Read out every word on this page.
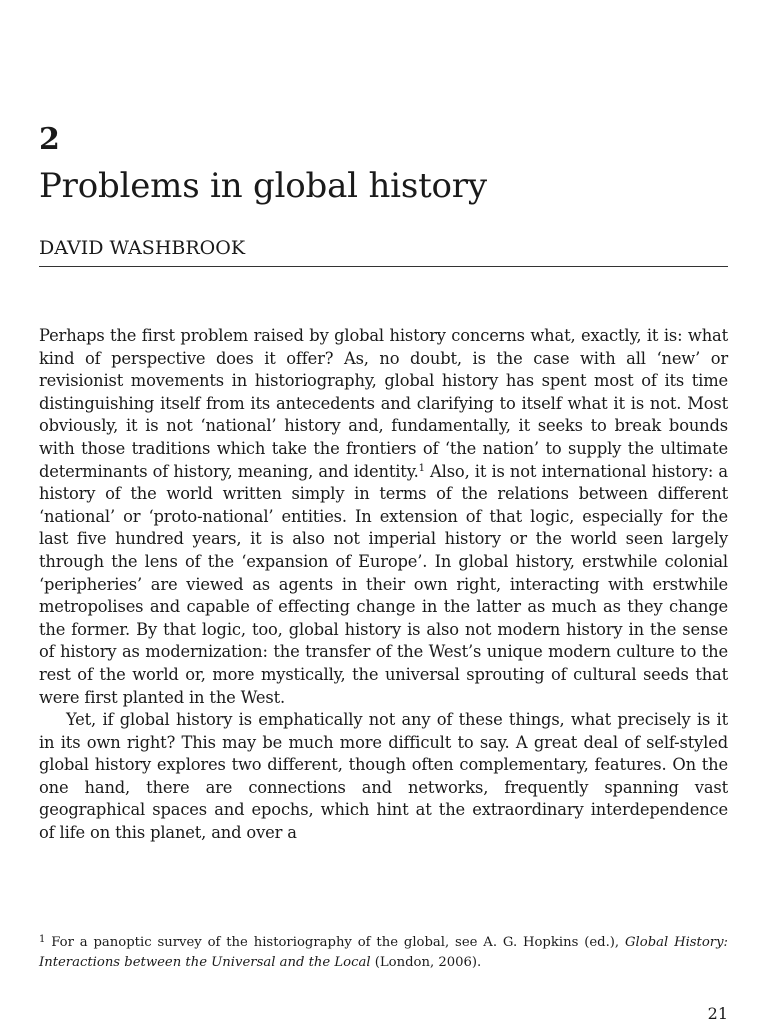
2
Problems in global history
DAVID WASHBROOK

Perhaps the first problem raised by global history concerns what, exactly, it is: what kind of perspective does it offer? As, no doubt, is the case with all ‘new’ or revisionist movements in historiography, global history has spent most of its time distinguishing itself from its antecedents and clarifying to itself what it is not. Most obviously, it is not ‘national’ history and, fundamentally, it seeks to break bounds with those traditions which take the frontiers of ‘the nation’ to supply the ultimate determinants of history, meaning, and identity.$^1$ Also, it is not international history: a history of the world written simply in terms of the relations between different ‘national’ or ‘proto-national’ entities. In extension of that logic, especially for the last five hundred years, it is also not imperial history or the world seen largely through the lens of the ‘expansion of Europe’. In global history, erstwhile colonial ‘peripheries’ are viewed as agents in their own right, interacting with erstwhile metropolises and capable of effecting change in the latter as much as they change the former. By that logic, too, global history is also not modern history in the sense of history as modernization: the transfer of the West’s unique modern culture to the rest of the world or, more mystically, the universal sprouting of cultural seeds that were first planted in the West.

Yet, if global history is emphatically not any of these things, what precisely is it in its own right? This may be much more difficult to say. A great deal of self-styled global history explores two different, though often complementary, features. On the one hand, there are connections and networks, frequently spanning vast geographical spaces and epochs, which hint at the extraordinary interdependence of life on this planet, and over a

$^1$ For a panoptic survey of the historiography of the global, see A. G. Hopkins (ed.), Global History: Interactions between the Universal and the Local (London, 2006).
21
